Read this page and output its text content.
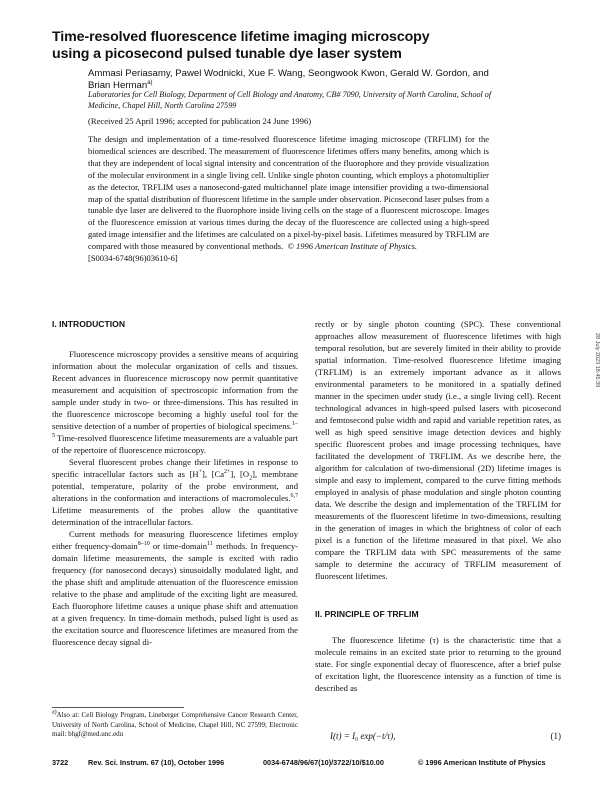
Time-resolved fluorescence lifetime imaging microscopy
using a picosecond pulsed tunable dye laser system
Ammasi Periasamy, Pawel Wodnicki, Xue F. Wang, Seongwook Kwon, Gerald W. Gordon, and Brian Herman$^{a)}$
Laboratories for Cell Biology, Department of Cell Biology and Anatomy, CB# 7090, University of North Carolina, School of Medicine, Chapel Hill, North Carolina 27599
(Received 25 April 1996; accepted for publication 24 June 1996)
The design and implementation of a time-resolved fluorescence lifetime imaging microscope (TRFLIM) for the biomedical sciences are described. The measurement of fluorescence lifetimes offers many benefits, among which is that they are independent of local signal intensity and concentration of the fluorophore and they provide visualization of the molecular environment in a single living cell. Unlike single photon counting, which employs a photomultiplier as the detector, TRFLIM uses a nanosecond-gated multichannel plate image intensifier providing a two-dimensional map of the spatial distribution of fluorescent lifetime in the sample under observation. Picosecond laser pulses from a tunable dye laser are delivered to the fluorophore inside living cells on the stage of a fluorescent microscope. Images of the fluorescence emission at various times during the decay of the fluorescence are collected using a high-speed gated image intensifier and the lifetimes are calculated on a pixel-by-pixel basis. Lifetimes measured by TRFLIM are compared with those measured by conventional methods. © 1996 American Institute of Physics.
[S0034-6748(96)03610-6]
I. INTRODUCTION

Fluorescence microscopy provides a sensitive means of acquiring information about the molecular organization of cells and tissues. Recent advances in fluorescence microscopy now permit quantitative measurement and acquisition of spectroscopic information from the sample under study in two- or three-dimensions. This has resulted in the fluorescence microscope becoming a highly useful tool for the sensitive detection of a number of properties of biological specimens.$^{1-5}$ Time-resolved fluorescence lifetime measurements are a valuable part of the repertoire of fluorescence microscopy.

Several fluorescent probes change their lifetimes in response to specific intracellular factors such as [H+], $[Ca^{2+}]$, $[O_2]$, membrane potential, temperature, polarity of the probe environment, and alterations in the conformation and interactions of macromolecules.$^{6,7}$ Lifetime measurements of the probes allow the quantitative determination of the intracellular factors.

Current methods for measuring fluorescence lifetimes employ either frequency-domain$^{8-10}$ or time-domain$^{11}$ methods. In frequency-domain lifetime measurements, the sample is excited with radio frequency (for nanosecond decays) sinusoidally modulated light, and the phase shift and amplitude attenuation of the fluorescence emission relative to the phase and amplitude of the exciting light are measured. Each fluorophore lifetime causes a unique phase shift and attenuation at a given frequency. In time-domain methods, pulsed light is used as the excitation source and fluorescence lifetimes are measured from the fluorescence decay signal di-

$^{a)}$Also at: Cell Biology Program, Lineberger Comprehensive Cancer Research Center, University of North Carolina, School of Medicine, Chapel Hill, NC 27599; Electronic mail: bhgf@med.unc.edu

rectly or by single photon counting (SPC). These conventional approaches allow measurement of fluorescence lifetimes with high temporal resolution, but are severely limited in their ability to provide spatial information. Time-resolved fluorescence lifetime imaging (TRFLIM) is an extremely important advance as it allows environmental parameters to be monitored in a spatially defined manner in the specimen under study (i.e., a single living cell). Recent technological advances in high-speed pulsed lasers with picosecond and femtosecond pulse width and rapid and variable repetition rates, as well as high speed sensitive image detection devices and highly specific fluorescent probes and image processing techniques, have facilitated the development of TRFLIM. As we describe here, the algorithm for calculation of two-dimensional (2D) lifetime images is simple and easy to implement, compared to the curve fitting methods employed in analysis of phase modulation and single photon counting data. We describe the design and implementation of the TRFLIM for measurements of the fluorescent lifetime in two-dimensions, resulting in the generation of images in which the brightness of color of each pixel is a function of the lifetime measured in that pixel. We also compare the TRFLIM data with SPC measurements of the same sample to determine the accuracy of TRFLIM measurement of fluorescent lifetimes.

II. PRINCIPLE OF TRFLIM

The fluorescence lifetime (τ) is the characteristic time that a molecule remains in an excited state prior to returning to the ground state. For single exponential decay of fluorescence, after a brief pulse of excitation light, the fluorescence intensity as a function of time is described as

I(t) = I₀ exp(−t/τ),	(1)
3722	Rev. Sci. Instrum. 67 (10), October 1996	0034-6748/96/67(10)/3722/10/$10.00	© 1996 American Institute of Physics
28 July 2023 18:45:39
